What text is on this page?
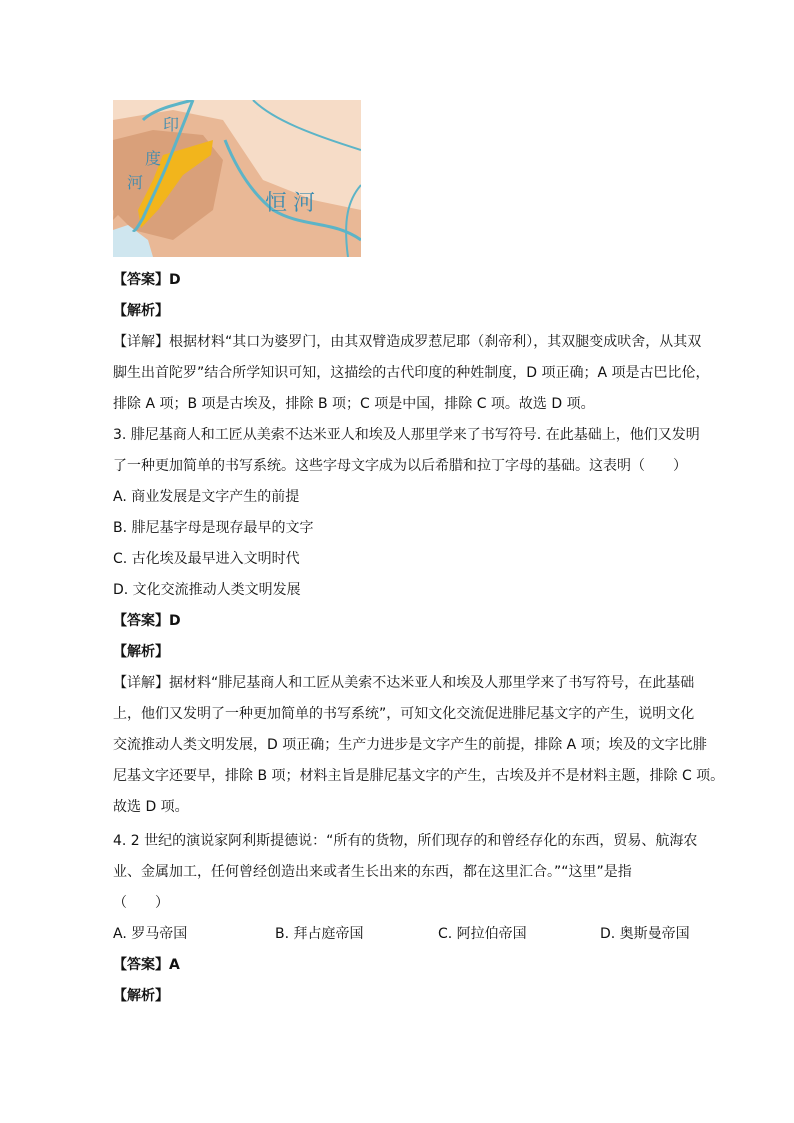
印
度
河
恒河
【答案】D
【解析】
【详解】根据材料“其口为婆罗门，由其双臂造成罗惹尼耶（刹帝利），其双腿变成吠舍，从其双
脚生出首陀罗”结合所学知识可知，这描绘的古代印度的种姓制度，D 项正确；A 项是古巴比伦，
排除 A 项；B 项是古埃及，排除 B 项；C 项是中国，排除 C 项。故选 D 项。
3. 腓尼基商人和工匠从美索不达米亚人和埃及人那里学来了书写符号. 在此基础上，他们又发明
了一种更加简单的书写系统。这些字母文字成为以后希腊和拉丁字母的基础。这表明（　　）
A. 商业发展是文字产生的前提
B. 腓尼基字母是现存最早的文字
C. 古化埃及最早进入文明时代
D. 文化交流推动人类文明发展
【答案】D
【解析】
【详解】据材料“腓尼基商人和工匠从美索不达米亚人和埃及人那里学来了书写符号，在此基础
上，他们又发明了一种更加简单的书写系统”，可知文化交流促进腓尼基文字的产生，说明文化
交流推动人类文明发展，D 项正确；生产力进步是文字产生的前提，排除 A 项；埃及的文字比腓
尼基文字还要早，排除 B 项；材料主旨是腓尼基文字的产生，古埃及并不是材料主题，排除 C 项。
故选 D 项。
4. 2 世纪的演说家阿利斯提德说：“所有的货物，所们现存的和曾经存化的东西，贸易、航海农
业、金属加工，任何曾经创造出来或者生长出来的东西，都在这里汇合。”“这里”是指
（　　）
A. 罗马帝国	B. 拜占庭帝国	C. 阿拉伯帝国	D. 奥斯曼帝国
【答案】A
【解析】
